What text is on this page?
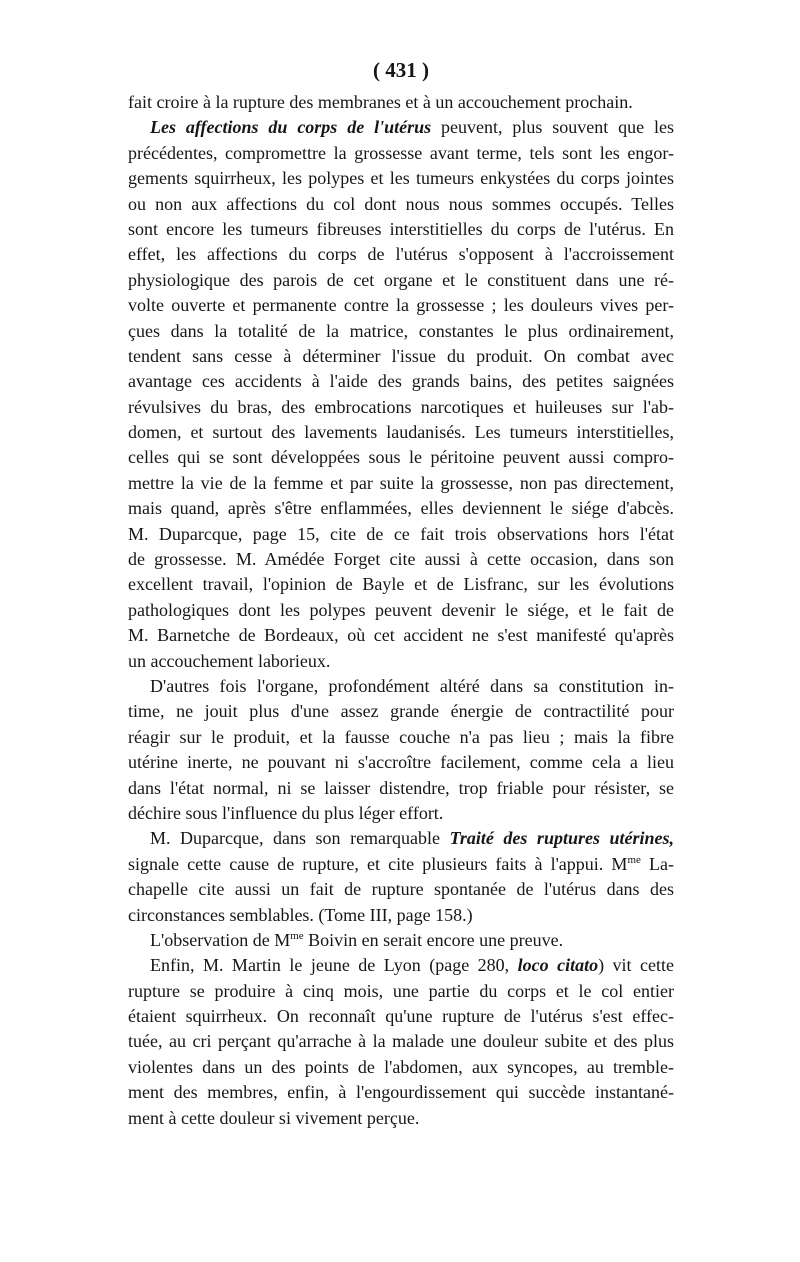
( 431 )
fait croire à la rupture des membranes et à un accouchement prochain.
Les affections du corps de l'utérus peuvent, plus souvent que les
précédentes, compromettre la grossesse avant terme, tels sont les engor-
gements squirrheux, les polypes et les tumeurs enkystées du corps jointes
ou non aux affections du col dont nous nous sommes occupés. Telles
sont encore les tumeurs fibreuses interstitielles du corps de l'utérus. En
effet, les affections du corps de l'utérus s'opposent à l'accroissement
physiologique des parois de cet organe et le constituent dans une ré-
volte ouverte et permanente contre la grossesse ; les douleurs vives per-
çues dans la totalité de la matrice, constantes le plus ordinairement,
tendent sans cesse à déterminer l'issue du produit. On combat avec
avantage ces accidents à l'aide des grands bains, des petites saignées
révulsives du bras, des embrocations narcotiques et huileuses sur l'ab-
domen, et surtout des lavements laudanisés. Les tumeurs interstitielles,
celles qui se sont développées sous le péritoine peuvent aussi compro-
mettre la vie de la femme et par suite la grossesse, non pas directement,
mais quand, après s'être enflammées, elles deviennent le siége d'abcès.
M. Duparcque, page 15, cite de ce fait trois observations hors l'état
de grossesse. M. Amédée Forget cite aussi à cette occasion, dans son
excellent travail, l'opinion de Bayle et de Lisfranc, sur les évolutions
pathologiques dont les polypes peuvent devenir le siége, et le fait de
M. Barnetche de Bordeaux, où cet accident ne s'est manifesté qu'après
un accouchement laborieux.
D'autres fois l'organe, profondément altéré dans sa constitution in-
time, ne jouit plus d'une assez grande énergie de contractilité pour
réagir sur le produit, et la fausse couche n'a pas lieu ; mais la fibre
utérine inerte, ne pouvant ni s'accroître facilement, comme cela a lieu
dans l'état normal, ni se laisser distendre, trop friable pour résister, se
déchire sous l'influence du plus léger effort.
M. Duparcque, dans son remarquable Traité des ruptures utérines,
signale cette cause de rupture, et cite plusieurs faits à l'appui. $M^{me}$ La-
chapelle cite aussi un fait de rupture spontanée de l'utérus dans des
circonstances semblables. (Tome III, page 158.)
L'observation de $M^{me}$ Boivin en serait encore une preuve.
Enfin, M. Martin le jeune de Lyon (page 280, loco citato) vit cette
rupture se produire à cinq mois, une partie du corps et le col entier
étaient squirrheux. On reconnaît qu'une rupture de l'utérus s'est effec-
tuée, au cri perçant qu'arrache à la malade une douleur subite et des plus
violentes dans un des points de l'abdomen, aux syncopes, au tremble-
ment des membres, enfin, à l'engourdissement qui succède instantané-
ment à cette douleur si vivement perçue.
